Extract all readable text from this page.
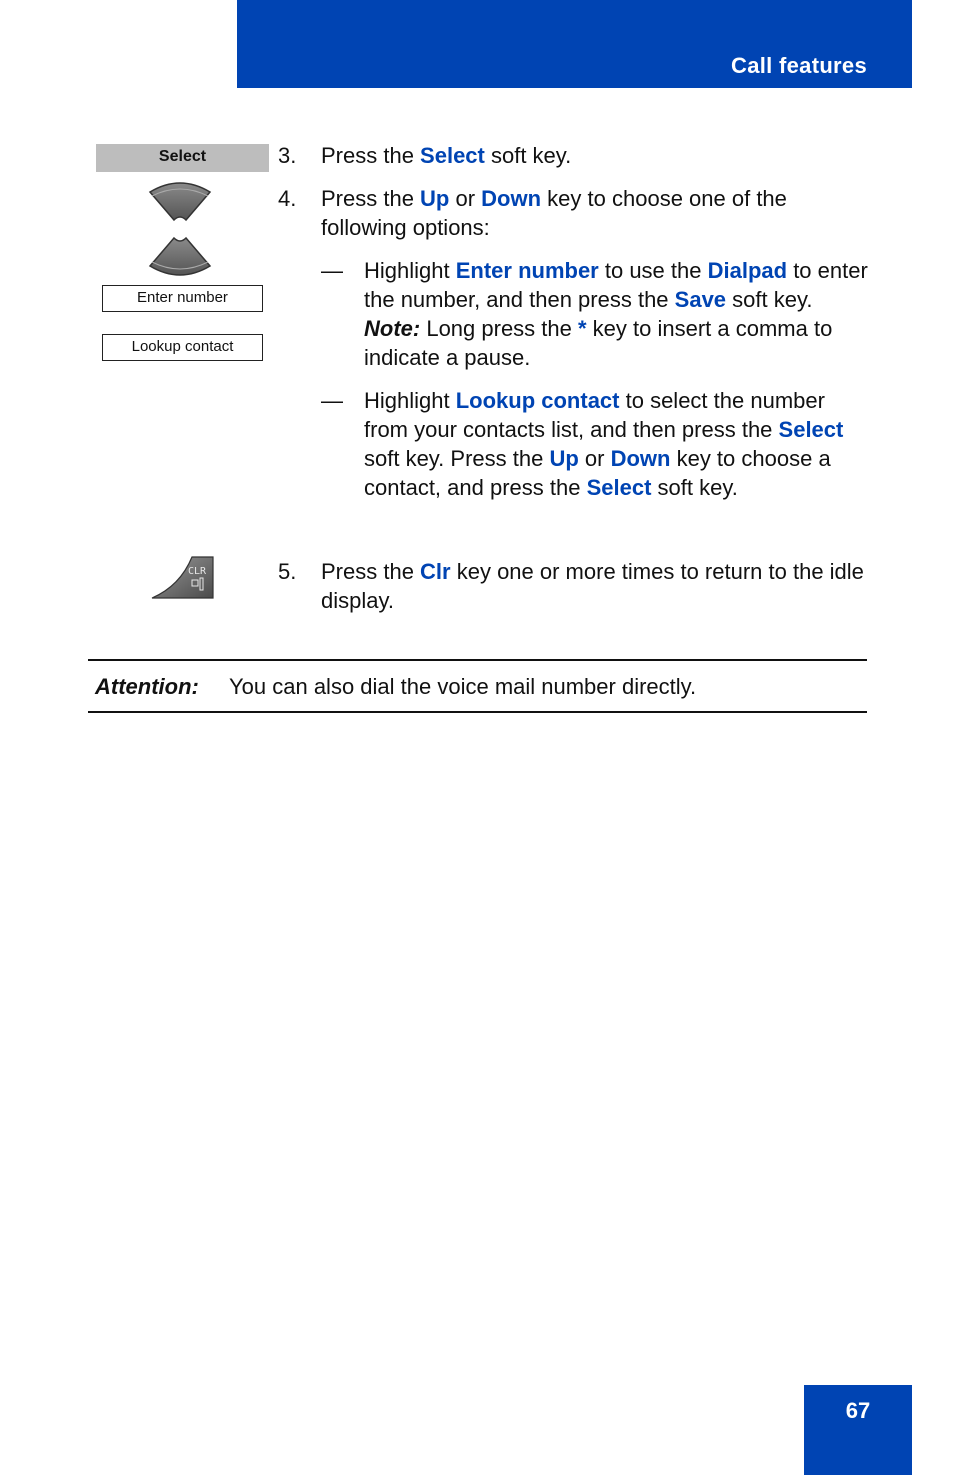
Call features
Select
Enter number
Lookup contact
CLR
3. Press the Select soft key.
4. Press the Up or Down key to choose one of the following options:
— Highlight Enter number to use the Dialpad to enter the number, and then press the Save soft key. Note: Long press the * key to insert a comma to indicate a pause.
— Highlight Lookup contact to select the number from your contacts list, and then press the Select soft key. Press the Up or Down key to choose a contact, and press the Select soft key.
5. Press the Clr key one or more times to return to the idle display.
Attention: You can also dial the voice mail number directly.
67
